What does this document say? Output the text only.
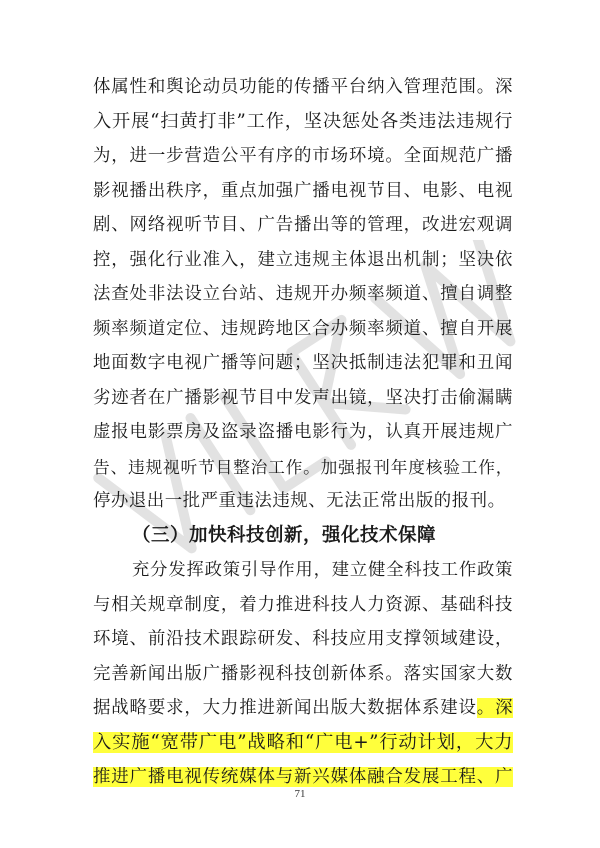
体属性和舆论动员功能的传播平台纳入管理范围。深
入开展“扫黄打非”工作，坚决惩处各类违法违规行
为，进一步营造公平有序的市场环境。全面规范广播
影视播出秩序，重点加强广播电视节目、电影、电视
剧、网络视听节目、广告播出等的管理，改进宏观调
控，强化行业准入，建立违规主体退出机制；坚决依
法查处非法设立台站、违规开办频率频道、擅自调整
频率频道定位、违规跨地区合办频率频道、擅自开展
地面数字电视广播等问题；坚决抵制违法犯罪和丑闻
劣迹者在广播影视节目中发声出镜，坚决打击偷漏瞒
虚报电影票房及盗录盗播电影行为，认真开展违规广
告、违规视听节目整治工作。加强报刊年度核验工作，
停办退出一批严重违法违规、无法正常出版的报刊。
（三）加快科技创新，强化技术保障
充分发挥政策引导作用，建立健全科技工作政策
与相关规章制度，着力推进科技人力资源、基础科技
环境、前沿技术跟踪研发、科技应用支撑领域建设，
完善新闻出版广播影视科技创新体系。落实国家大数
据战略要求，大力推进新闻出版大数据体系建设。深
入实施“宽带广电”战略和“广电+”行动计划，大力
推进广播电视传统媒体与新兴媒体融合发展工程、广
71
